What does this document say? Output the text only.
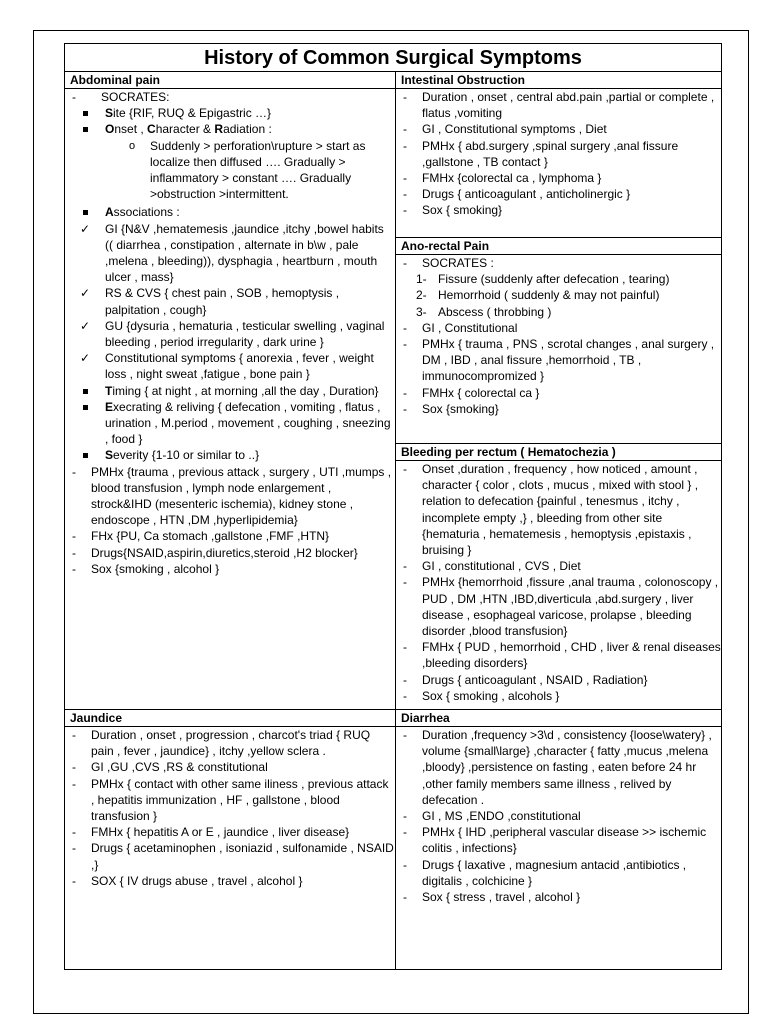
History of Common Surgical Symptoms
Abdominal pain
- SOCRATES:
Site {RIF, RUQ & Epigastric …}
Onset , Character & Radiation :
o Suddenly > perforation\rupture > start as localize then diffused …. Gradually > inflammatory > constant …. Gradually >obstruction >intermittent.
Associations :
✓ GI {N&V ,hematemesis ,jaundice ,itchy ,bowel habits (( diarrhea , constipation , alternate in b\w , pale ,melena , bleeding)), dysphagia , heartburn , mouth ulcer , mass}
✓ RS & CVS { chest pain , SOB , hemoptysis , palpitation , cough}
✓ GU {dysuria , hematuria , testicular swelling , vaginal bleeding , period irregularity , dark urine }
✓ Constitutional symptoms { anorexia , fever , weight loss , night sweat ,fatigue , bone pain }
Timing { at night , at morning ,all the day , Duration}
Execrating & reliving { defecation , vomiting , flatus , urination , M.period , movement , coughing , sneezing , food }
Severity {1-10 or similar to ..}
- PMHx {trauma , previous attack , surgery , UTI ,mumps , blood transfusion , lymph node enlargement , strock&IHD (mesenteric ischemia), kidney stone , endoscope , HTN ,DM ,hyperlipidemia}
- FHx {PU, Ca stomach ,gallstone ,FMF ,HTN}
- Drugs{NSAID,aspirin,diuretics,steroid ,H2 blocker}
- Sox {smoking , alcohol }
Intestinal Obstruction
- Duration , onset , central abd.pain ,partial or complete , flatus ,vomiting
- GI , Constitutional symptoms , Diet
- PMHx { abd.surgery ,spinal surgery ,anal fissure ,gallstone , TB contact }
- FMHx {colorectal ca , lymphoma }
- Drugs { anticoagulant , anticholinergic }
- Sox { smoking}
Ano-rectal Pain
- SOCRATES :
1- Fissure (suddenly after defecation , tearing)
2- Hemorrhoid ( suddenly & may not painful)
3- Abscess ( throbbing )
- GI , Constitutional
- PMHx { trauma , PNS , scrotal changes , anal surgery , DM , IBD , anal fissure ,hemorrhoid , TB , immunocompromized }
- FMHx { colorectal ca }
- Sox {smoking}
Bleeding per rectum ( Hematochezia )
- Onset ,duration , frequency , how noticed , amount , character { color , clots , mucus , mixed with stool } , relation to defecation {painful , tenesmus , itchy , incomplete empty ,} , bleeding from other site {hematuria , hematemesis , hemoptysis ,epistaxis , bruising }
- GI , constitutional , CVS , Diet
- PMHx {hemorrhoid ,fissure ,anal trauma , colonoscopy , PUD , DM ,HTN ,IBD,diverticula ,abd.surgery , liver disease , esophageal varicose, prolapse , bleeding disorder ,blood transfusion}
- FMHx { PUD , hemorrhoid , CHD , liver & renal diseases ,bleeding disorders}
- Drugs { anticoagulant , NSAID , Radiation}
- Sox { smoking , alcohols }
Jaundice
- Duration , onset , progression , charcot's triad { RUQ pain , fever , jaundice} , itchy ,yellow sclera .
- GI ,GU ,CVS ,RS & constitutional
- PMHx { contact with other same iliness , previous attack , hepatitis immunization , HF , gallstone , blood transfusion }
- FMHx { hepatitis A or E , jaundice , liver disease}
- Drugs { acetaminophen , isoniazid , sulfonamide , NSAID ,}
- SOX { IV drugs abuse , travel , alcohol }
Diarrhea
- Duration ,frequency >3\d , consistency {loose\watery} , volume {small\large} ,character { fatty ,mucus ,melena ,bloody} ,persistence on fasting , eaten before 24 hr ,other family members same illness , relived by defecation .
- GI , MS ,ENDO ,constitutional
- PMHx { IHD ,peripheral vascular disease >> ischemic colitis , infections}
- Drugs { laxative , magnesium antacid ,antibiotics , digitalis , colchicine }
- Sox { stress , travel , alcohol }
